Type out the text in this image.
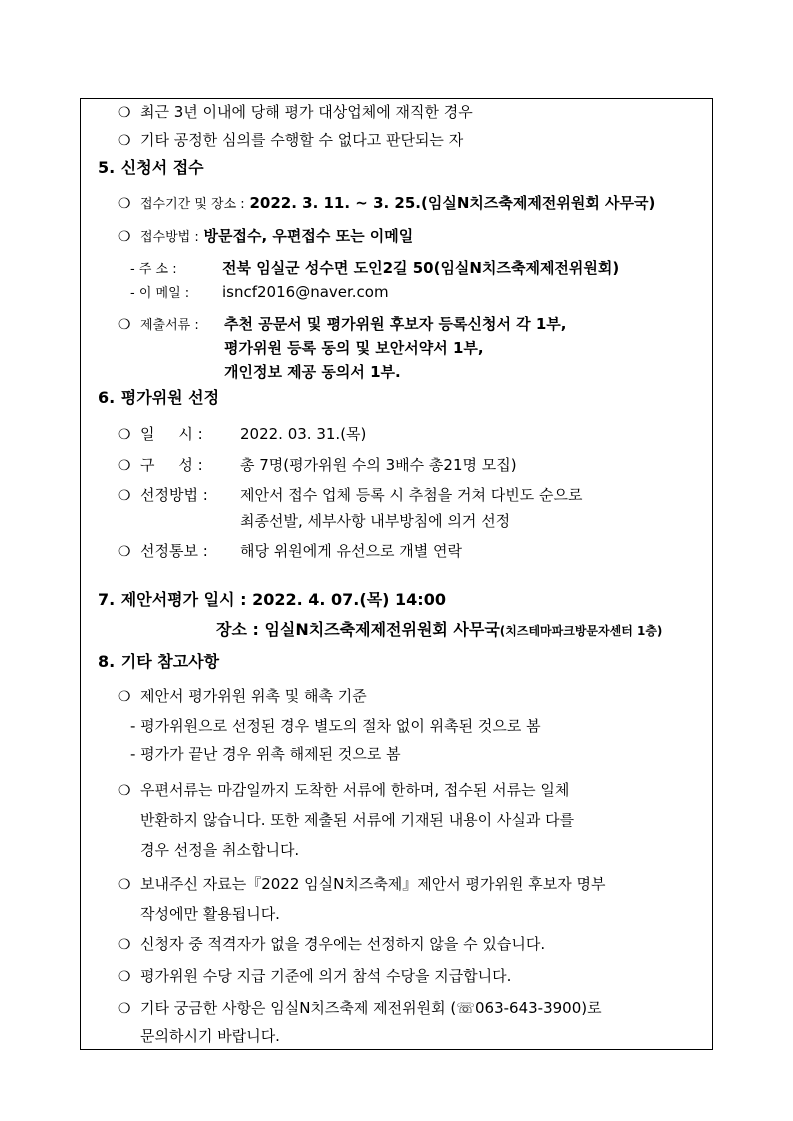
❍ 최근 3년 이내에 당해 평가 대상업체에 재직한 경우
❍ 기타 공정한 심의를 수행할 수 없다고 판단되는 자
5. 신청서 접수
❍ 접수기간 및 장소 : 2022. 3. 11. ~ 3. 25.(임실N치즈축제제전위원회 사무국)
❍ 접수방법 : 방문접수, 우편접수 또는 이메일
- 주 소 :	전북 임실군 성수면 도인2길 50(임실N치즈축제제전위원회)
- 이 메일 : isncf2016@naver.com
❍ 제출서류 : 추천 공문서 및 평가위원 후보자 등록신청서 각 1부,
평가위원 등록 동의 및 보안서약서 1부,
개인정보 제공 동의서 1부.
6. 평가위원 선정
❍ 일     시 : 2022. 03. 31.(목)
❍ 구     성 : 총 7명(평가위원 수의 3배수 총21명 모집)
❍ 선정방법 : 제안서 접수 업체 등록 시 추첨을 거쳐 다빈도 순으로
최종선발, 세부사항 내부방침에 의거 선정
❍ 선정통보 : 해당 위원에게 유선으로 개별 연락
7. 제안서평가 일시 : 2022. 4. 07.(목) 14:00
장소 : 임실N치즈축제제전위원회 사무국(치즈테마파크방문자센터 1층)
8. 기타 참고사항
❍ 제안서 평가위원 위촉 및 해촉 기준
- 평가위원으로 선정된 경우 별도의 절차 없이 위촉된 것으로 봄
- 평가가 끝난 경우 위촉 해제된 것으로 봄
❍ 우편서류는 마감일까지 도착한 서류에 한하며, 접수된 서류는 일체
반환하지 않습니다. 또한 제출된 서류에 기재된 내용이 사실과 다를
경우 선정을 취소합니다.
❍ 보내주신 자료는『2022 임실N치즈축제』제안서 평가위원 후보자 명부
작성에만 활용됩니다.
❍ 신청자 중 적격자가 없을 경우에는 선정하지 않을 수 있습니다.
❍ 평가위원 수당 지급 기준에 의거 참석 수당을 지급합니다.
❍ 기타 궁금한 사항은 임실N치즈축제 제전위원회 (☏063-643-3900)로
문의하시기 바랍니다.
